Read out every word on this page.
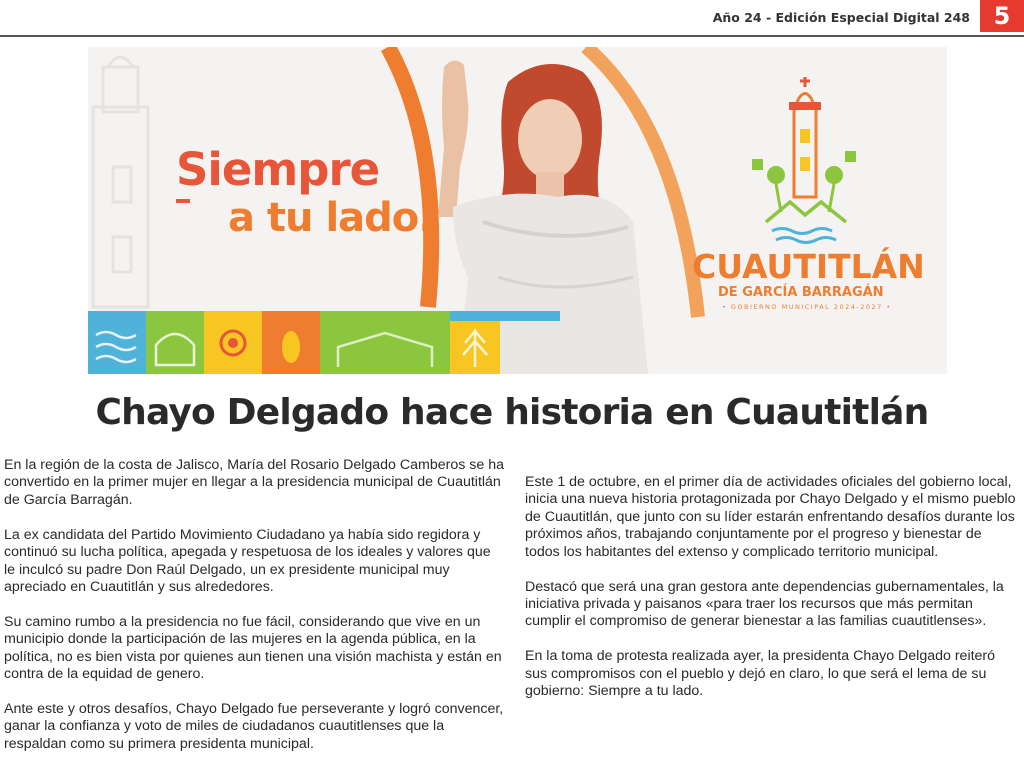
Año 24 - Edición Especial Digital 248 5
Siempre
a tu lado.
CUAUTITLÁN
DE GARCÍA BARRAGÁN
• GOBIERNO MUNICIPAL 2024-2027 •
Chayo Delgado hace historia en Cuautitlán

En la región de la costa de Jalisco, María del Rosario Delgado Camberos se ha convertido en la primer mujer en llegar a la presidencia municipal de Cuautitlán de García Barragán.

La ex candidata del Partido Movimiento Ciudadano ya había sido regidora y continuó su lucha política, apegada y respetuosa de los ideales y valores que le inculcó su padre Don Raúl Delgado, un ex presidente municipal muy apreciado en Cuautitlán y sus alrededores.

Su camino rumbo a la presidencia no fue fácil, considerando que vive en un municipio donde la participación de las mujeres en la agenda pública, en la política, no es bien vista por quienes aun tienen una visión machista y están en contra de la equidad de genero.

Ante este y otros desafíos, Chayo Delgado fue perseverante y logró convencer, ganar la confianza y voto de miles de ciudadanos cuautitlenses que la respaldan como su primera presidenta municipal.

Este 1 de octubre, en el primer día de actividades oficiales del gobierno local, inicia una nueva historia protagonizada por Chayo Delgado y el mismo pueblo de Cuautitlán, que junto con su líder estarán enfrentando desafíos durante los próximos años, trabajando conjuntamente por el progreso y bienestar de todos los habitantes del extenso y complicado territorio municipal.

Destacó que será una gran gestora ante dependencias gubernamentales, la iniciativa privada y paisanos «para traer los recursos que más permitan cumplir el compromiso de generar bienestar a las familias cuautitlenses».

En la toma de protesta realizada ayer, la presidenta Chayo Delgado reiteró sus compromisos con el pueblo y dejó en claro, lo que será el lema de su gobierno: Siempre a tu lado.
